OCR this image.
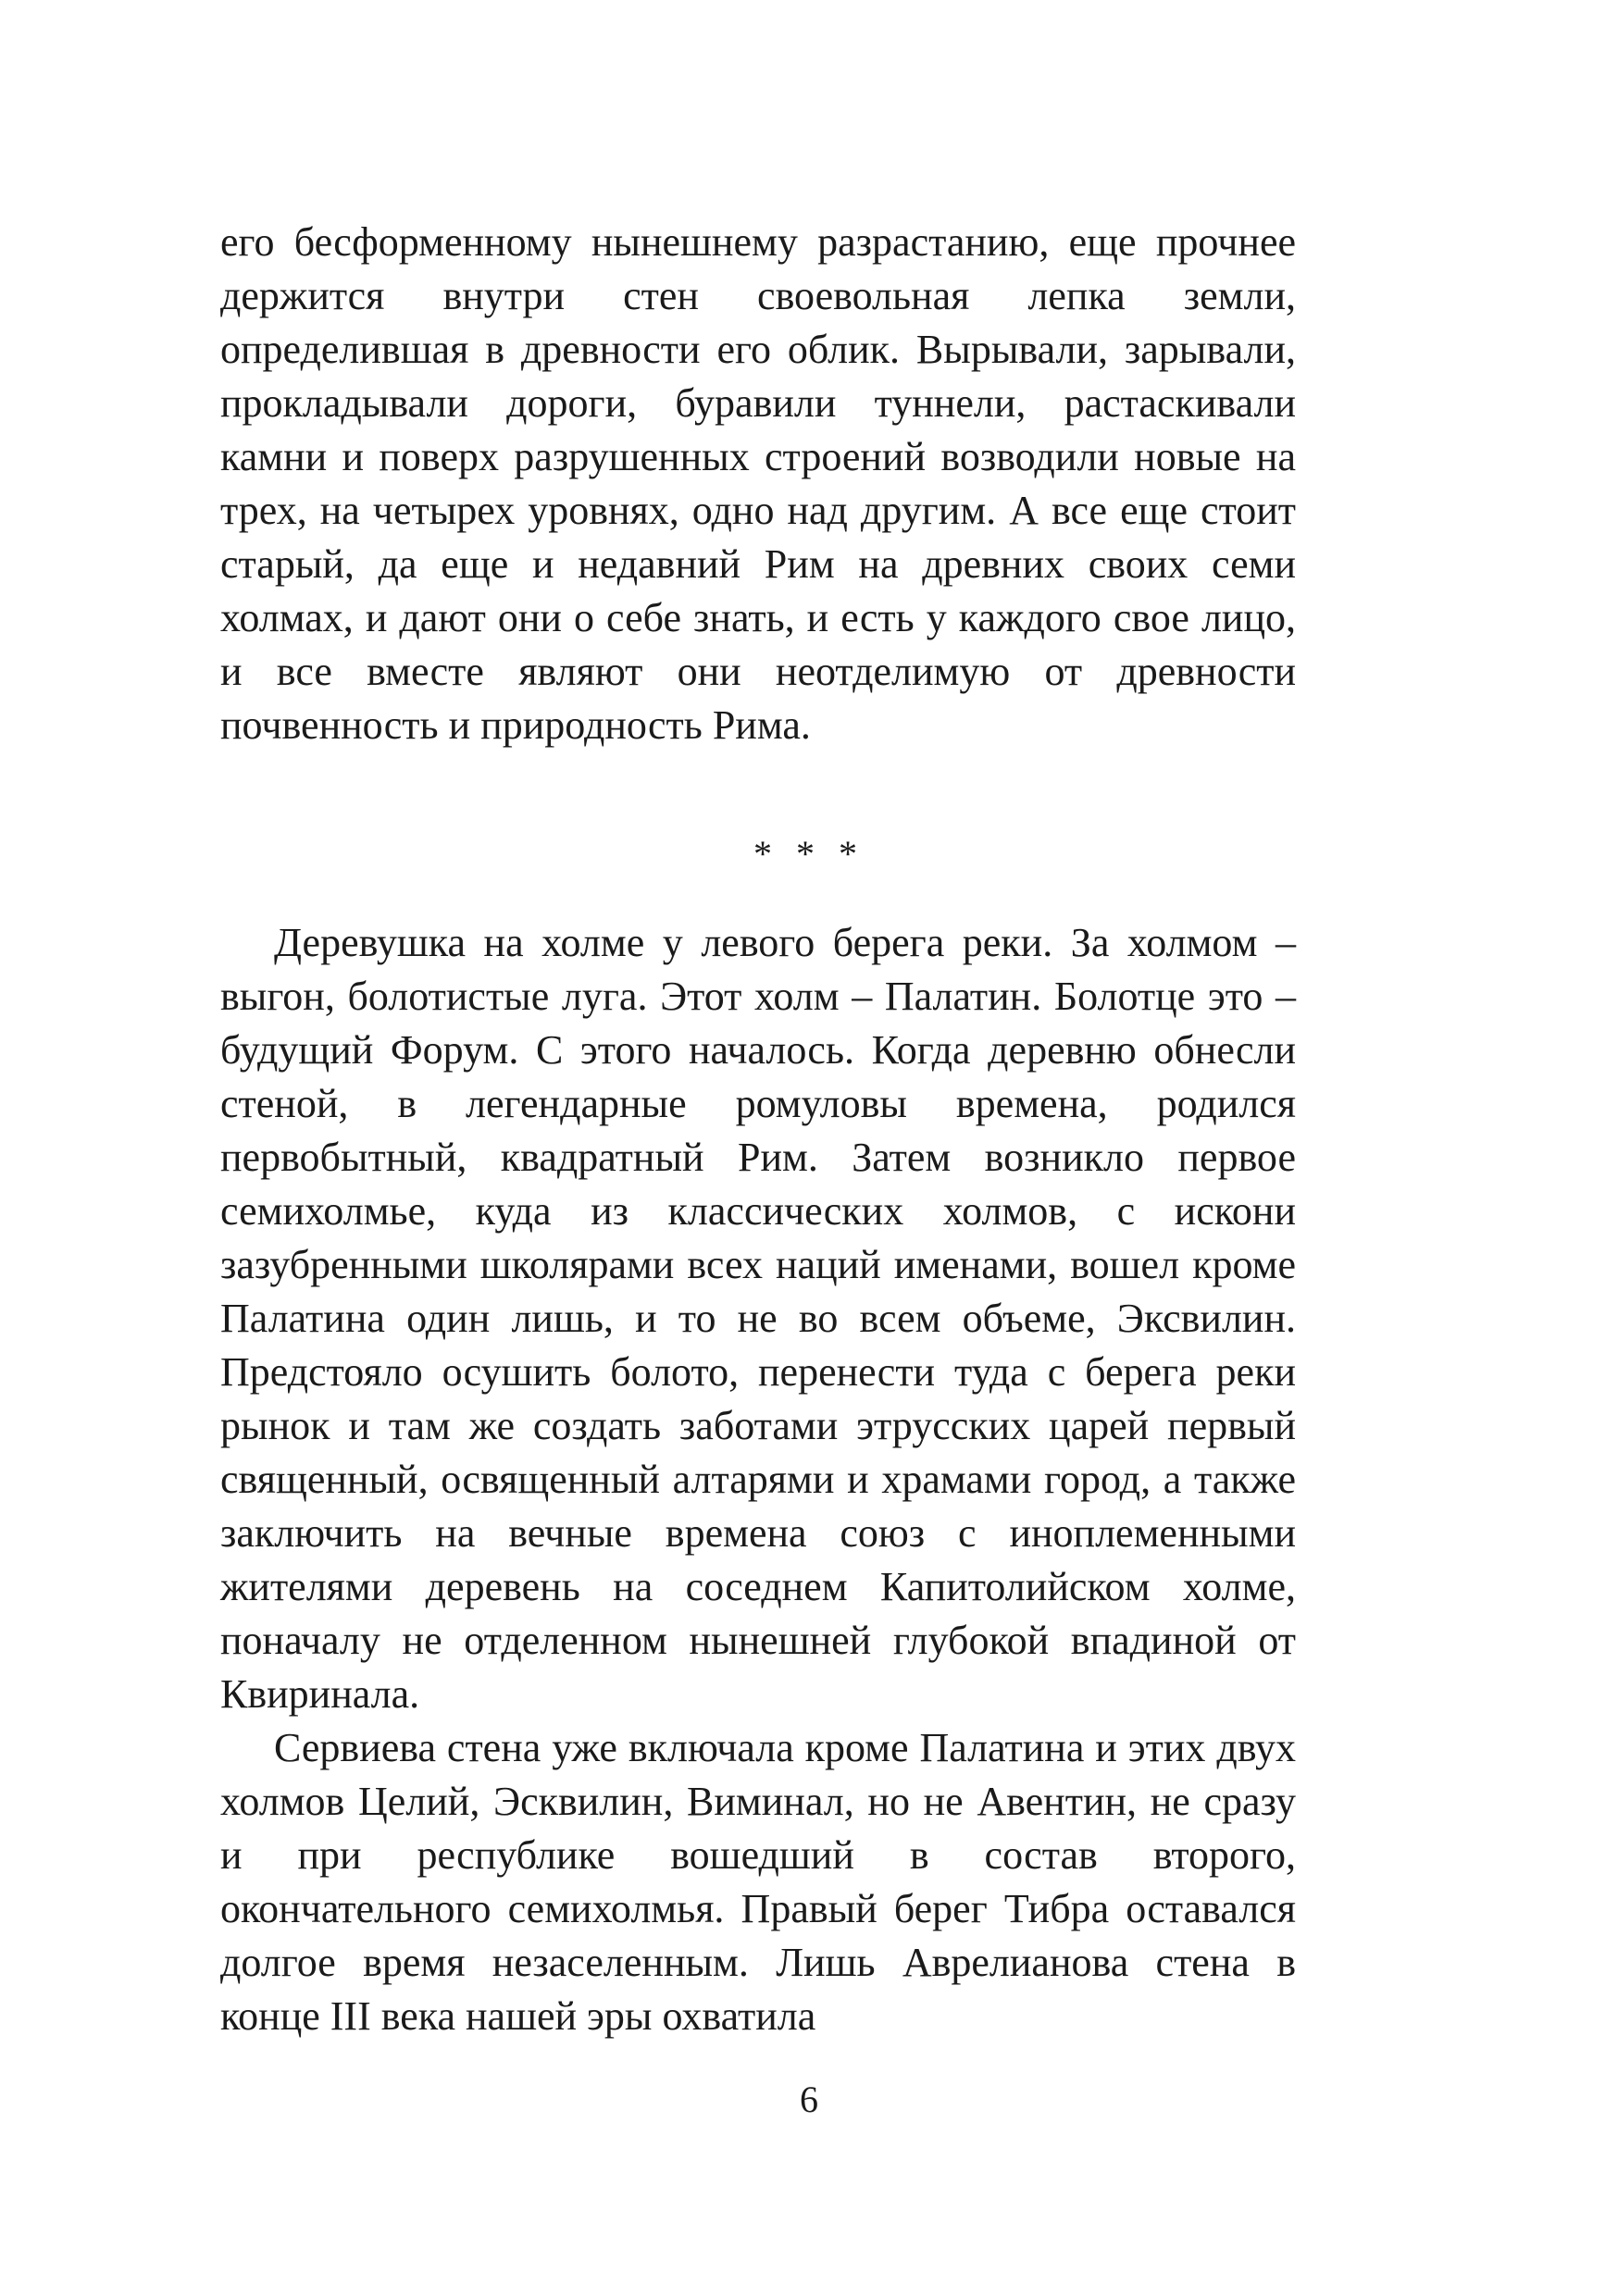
его бесформенному нынешнему разрастанию, еще прочнее держится внутри стен своевольная лепка земли, определившая в древности его облик. Вырывали, зарывали, прокладывали дороги, буравили туннели, растаскивали камни и поверх разрушенных строений возводили новые на трех, на четырех уровнях, одно над другим. А все еще стоит старый, да еще и недавний Рим на древних своих семи холмах, и дают они о себе знать, и есть у каждого свое лицо, и все вместе являют они неотделимую от древности почвенность и природность Рима.

* * *

Деревушка на холме у левого берега реки. За холмом – выгон, болотистые луга. Этот холм – Палатин. Болотце это – будущий Форум. С этого началось. Когда деревню обнесли стеной, в легендарные ромуловы времена, родился первобытный, квадратный Рим. Затем возникло первое семихолмье, куда из классических холмов, с искони зазубренными школярами всех наций именами, вошел кроме Палатина один лишь, и то не во всем объеме, Эксвилин. Предстояло осушить болото, перенести туда с берега реки рынок и там же создать заботами этрусских царей первый священный, освященный алтарями и храмами город, а также заключить на вечные времена союз с иноплеменными жителями деревень на соседнем Капитолийском холме, поначалу не отделенном нынешней глубокой впадиной от Квиринала.

Сервиева стена уже включала кроме Палатина и этих двух холмов Целий, Эсквилин, Виминал, но не Авентин, не сразу и при республике вошедший в состав второго, окончательного семихолмья. Правый берег Тибра оставался долгое время незаселенным. Лишь Аврелианова стена в конце III века нашей эры охватила

6
